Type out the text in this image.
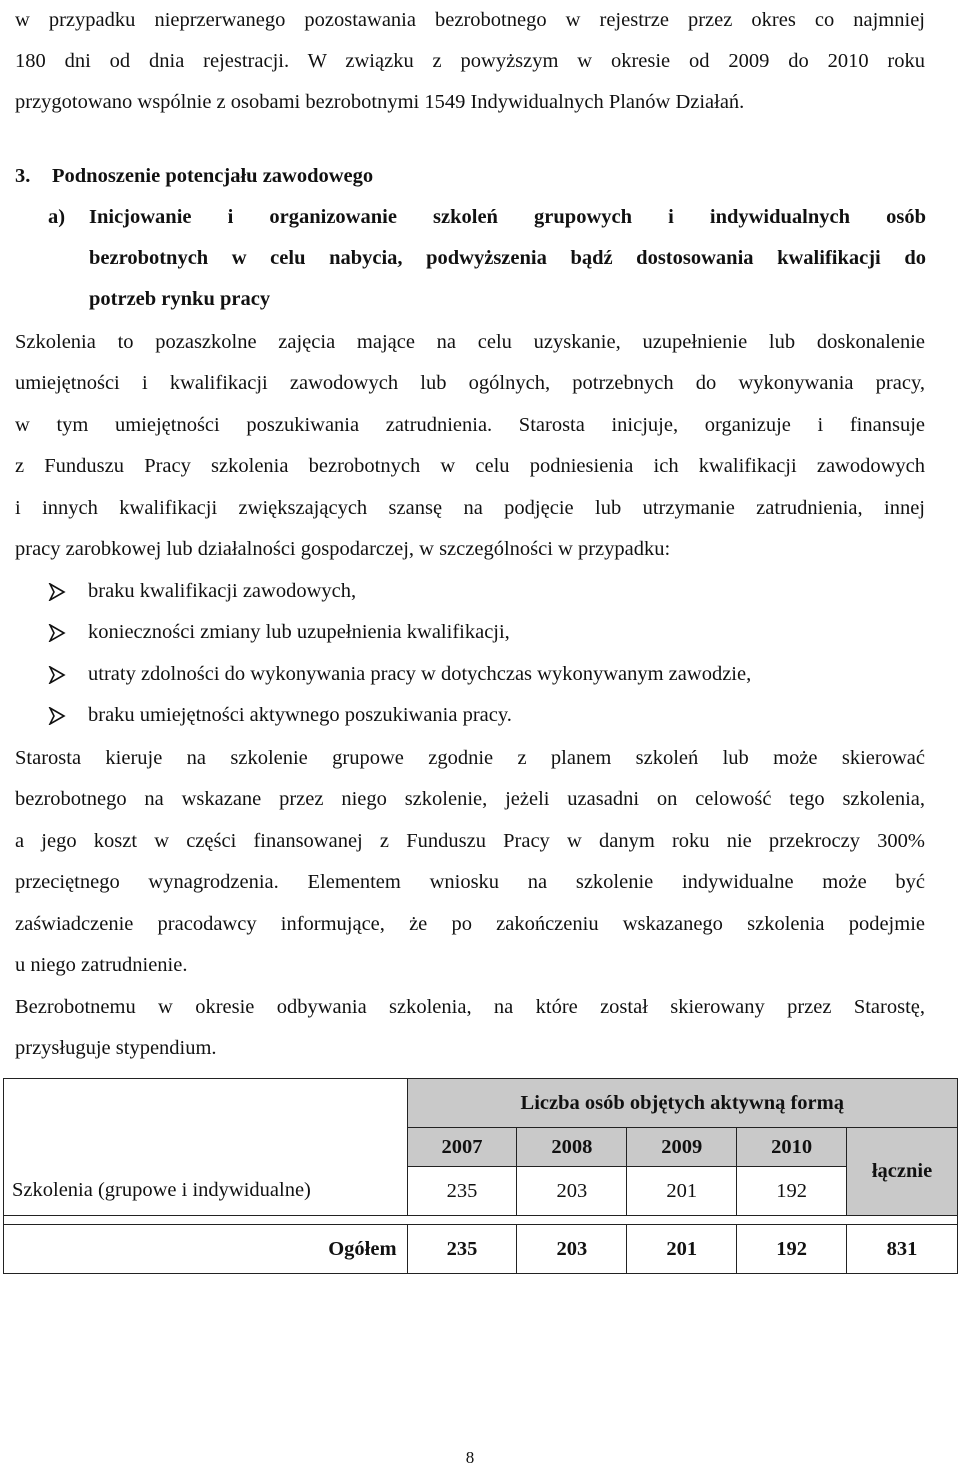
w przypadku nieprzerwanego pozostawania bezrobotnego w rejestrze przez okres co najmniej

180 dni od dnia rejestracji. W związku z powyższym w okresie od 2009 do 2010 roku

przygotowano wspólnie z osobami bezrobotnymi 1549 Indywidualnych Planów Działań.

3. Podnoszenie potencjału zawodowego
a) Inicjowanie i organizowanie szkoleń grupowych i indywidualnych osób
bezrobotnych w celu nabycia, podwyższenia bądź dostosowania kwalifikacji do
potrzeb rynku pracy
Szkolenia to pozaszkolne zajęcia mające na celu uzyskanie, uzupełnienie lub doskonalenie
umiejętności i kwalifikacji zawodowych lub ogólnych, potrzebnych do wykonywania pracy,
w tym umiejętności poszukiwania zatrudnienia. Starosta inicjuje, organizuje i finansuje
z Funduszu Pracy szkolenia bezrobotnych w celu podniesienia ich kwalifikacji zawodowych
i innych kwalifikacji zwiększających szansę na podjęcie lub utrzymanie zatrudnienia, innej
pracy zarobkowej lub działalności gospodarczej, w szczególności w przypadku:
braku kwalifikacji zawodowych,
konieczności zmiany lub uzupełnienia kwalifikacji,
utraty zdolności do wykonywania pracy w dotychczas wykonywanym zawodzie,
braku umiejętności aktywnego poszukiwania pracy.
Starosta kieruje na szkolenie grupowe zgodnie z planem szkoleń lub może skierować
bezrobotnego na wskazane przez niego szkolenie, jeżeli uzasadni on celowość tego szkolenia,
a jego koszt w części finansowanej z Funduszu Pracy w danym roku nie przekroczy 300%
przeciętnego wynagrodzenia. Elementem wniosku na szkolenie indywidualne może być
zaświadczenie pracodawcy informujące, że po zakończeniu wskazanego szkolenia podejmie
u niego zatrudnienie.
Bezrobotnemu w okresie odbywania szkolenia, na które został skierowany przez Starostę,
przysługuje stypendium.
	Liczba osób objętych aktywną formą				
	2007	2008	2009	2010	łącznie
Szkolenia (grupowe i indywidualne)	235	203	201	192	

Ogółem	235	203	201	192	831
8
